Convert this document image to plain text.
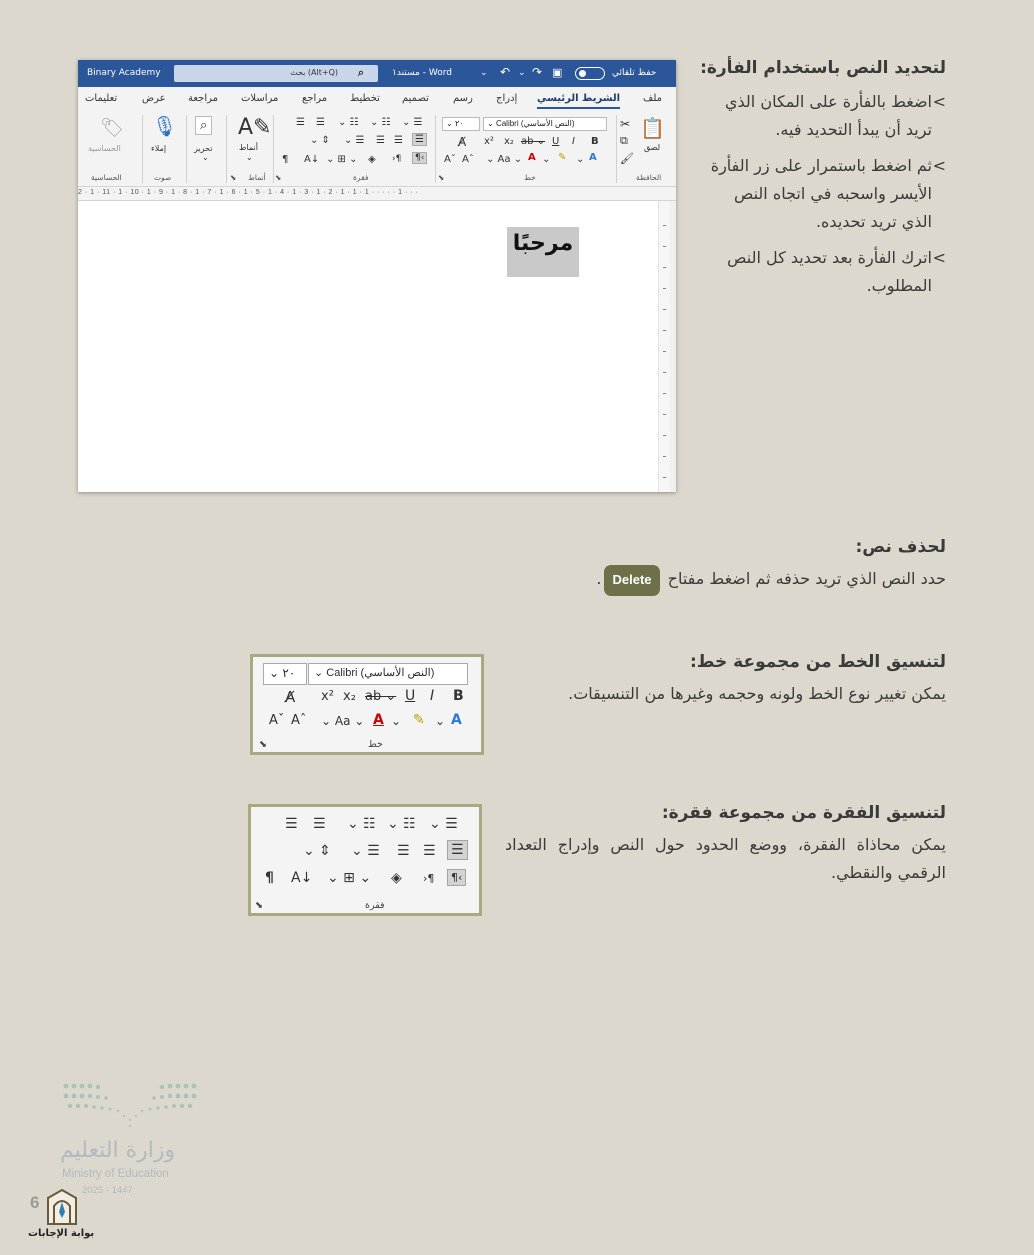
Binary Academy	بحث (Alt+Q) ⌕	Word - مستند١	⌄ ↶ ⌄ ↷ ▣	حفظ تلقائي
ملف
الشريط الرئيسي
إدراج
رسم
تصميم
تخطيط
مراجع
مراسلات
مراجعة
عرض
تعليمات
📋
لصق
✂
⧉
🖌
الحافظة
⌄ Calibri (النص الأساسي)
⌄ ٢٠
A̸ x² x₂ ab ⌄ U I B
Aˇ Aˆ ⌄ Aa ⌄ A ⌄ ✎ ⌄ A
خط
⬊
☰ ☰ ⌄ ☷ ⌄ ☷ ⌄ ☰
⌄ ⇕ ⌄ ☰ ☰ ☰	☰
¶ A↓ ⌄ ⊞ ⌄ ◈ ›¶	¶‹
فقرة
⬊
A✎
أنماط
⌄
أنماط
⬊
⌕
تحرير
⌄
🎙
إملاء
صوت
🏷
الحساسية
الحساسية
2 · 1 · 11 · 1 · 10 · 1 · 9 · 1 · 8 · 1 · 7 · 1 · 6 · 1 · 5 · 1 · 4 · 1 · 3 · 1 · 2 · 1 · 1 · 1 · · · · · 1 · · ·
مرحبًا
لتحديد النص باستخدام الفأرة:
>
اضغط بالفأرة على المكان الذي تريد أن يبدأ التحديد فيه.
>
ثم اضغط باستمرار على زر الفأرة الأيسر واسحبه في اتجاه النص الذي تريد تحديده.
>
اترك الفأرة بعد تحديد كل النص المطلوب.
لحذف نص:
حدد النص الذي تريد حذفه ثم اضغط مفتاح Delete.
لتنسيق الخط من مجموعة خط:
يمكن تغيير نوع الخط ولونه وحجمه وغيرها من التنسيقات.
⌄ Calibri (النص الأساسي)
⌄ ٢٠
A̸ x² x₂ ab ⌄ U I B
Aˇ Aˆ ⌄ Aa ⌄ A ⌄ ✎ ⌄ A
خط
⬊
لتنسيق الفقرة من مجموعة فقرة:
يمكن محاذاة الفقرة، ووضع الحدود حول النص وإدراج التعداد الرقمي والنقطي.
☰ ☰ ⌄ ☷ ⌄ ☷ ⌄ ☰
⌄ ⇕ ⌄ ☰ ☰ ☰ ☰
¶ A↓ ⌄ ⊞ ⌄ ◈ ›¶	¶‹
فقرة
⬊
وزارة التعليم
Ministry of Education
2025 - 1447
6
بوابة الإجابات
